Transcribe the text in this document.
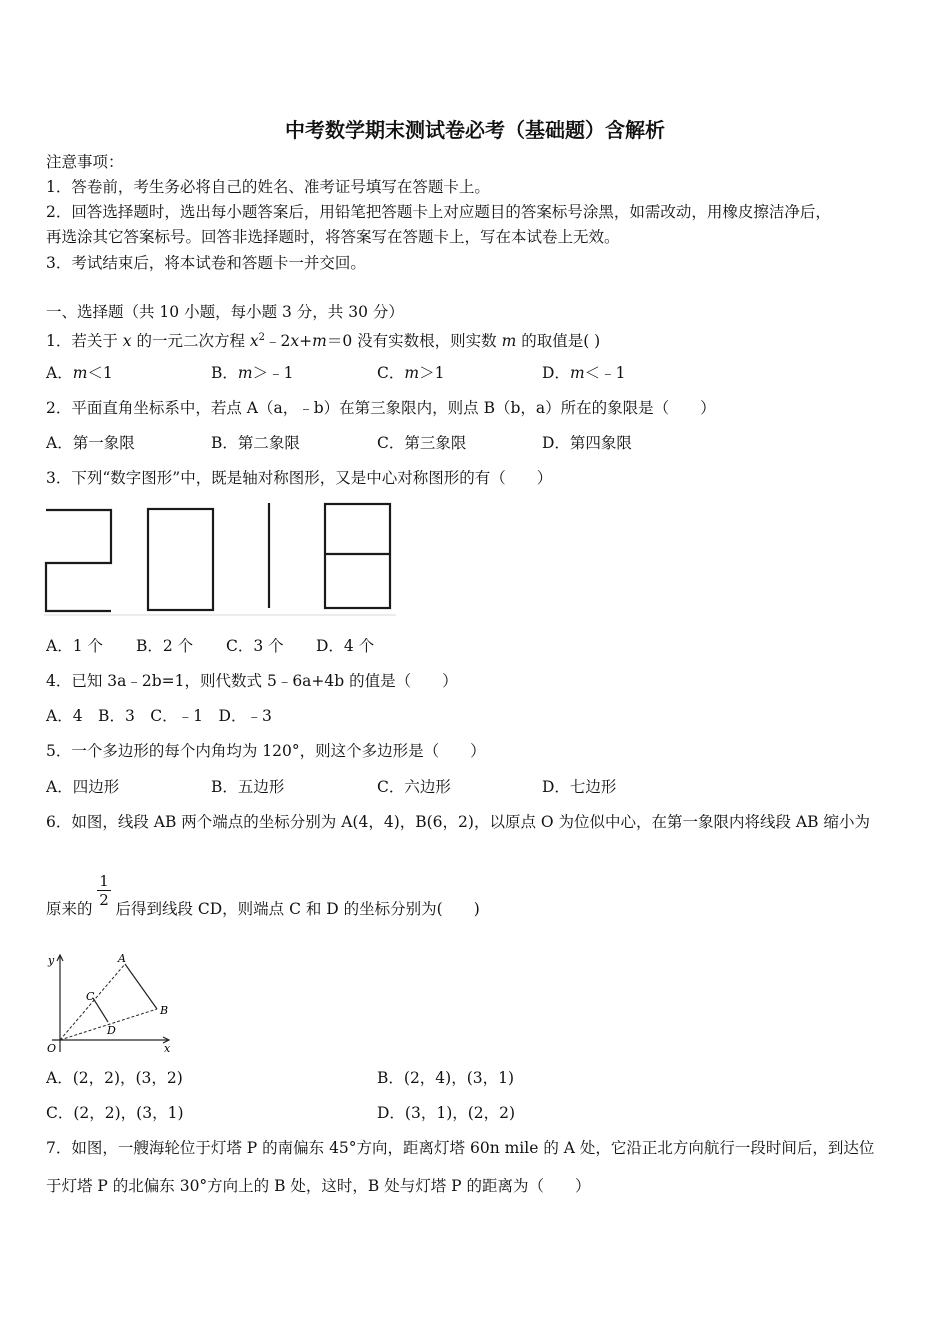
中考数学期末测试卷必考（基础题）含解析
注意事项：
1．答卷前，考生务必将自己的姓名、准考证号填写在答题卡上。
2．回答选择题时，选出每小题答案后，用铅笔把答题卡上对应题目的答案标号涂黑，如需改动，用橡皮擦洁净后，
再选涂其它答案标号。回答非选择题时，将答案写在答题卡上，写在本试卷上无效。
3．考试结束后，将本试卷和答题卡一并交回。
一、选择题（共 10 小题，每小题 3 分，共 30 分）
1．若关于 x 的一元二次方程 $x^2﹣2x+m=0$ 没有实数根，则实数 m 的取值是( )
A．m＜1	B．m＞﹣1	C．m＞1	D．m＜﹣1
2．平面直角坐标系中，若点 A（a，﹣b）在第三象限内，则点 B（b，a）所在的象限是（　　）
A．第一象限	B．第二象限	C．第三象限	D．第四象限
3．下列“数字图形”中，既是轴对称图形，又是中心对称图形的有（　　）
A．1 个 B．2 个 C．3 个 D．4 个
4．已知 3a﹣2b=1，则代数式 5﹣6a+4b 的值是（　　）
A．4　B．3　C．﹣1　D．﹣3
5．一个多边形的每个内角均为 120°，则这个多边形是（　　）
A．四边形	B．五边形	C．六边形	D．七边形
6．如图，线段 AB 两个端点的坐标分别为 A(4，4)，B(6，2)，以原点 O 为位似中心，在第一象限内将线段 AB 缩小为
1
2
原来的 后得到线段 CD，则端点 C 和 D 的坐标分别为(　　)
y
x
O
A
B
C
D
A．(2，2)，(3，2)	B．(2，4)，(3，1)
C．(2，2)，(3，1)	D．(3，1)，(2，2)
7．如图，一艘海轮位于灯塔 P 的南偏东 45°方向，距离灯塔 60n mile 的 A 处，它沿正北方向航行一段时间后，到达位
于灯塔 P 的北偏东 30°方向上的 B 处，这时，B 处与灯塔 P 的距离为（　　）
